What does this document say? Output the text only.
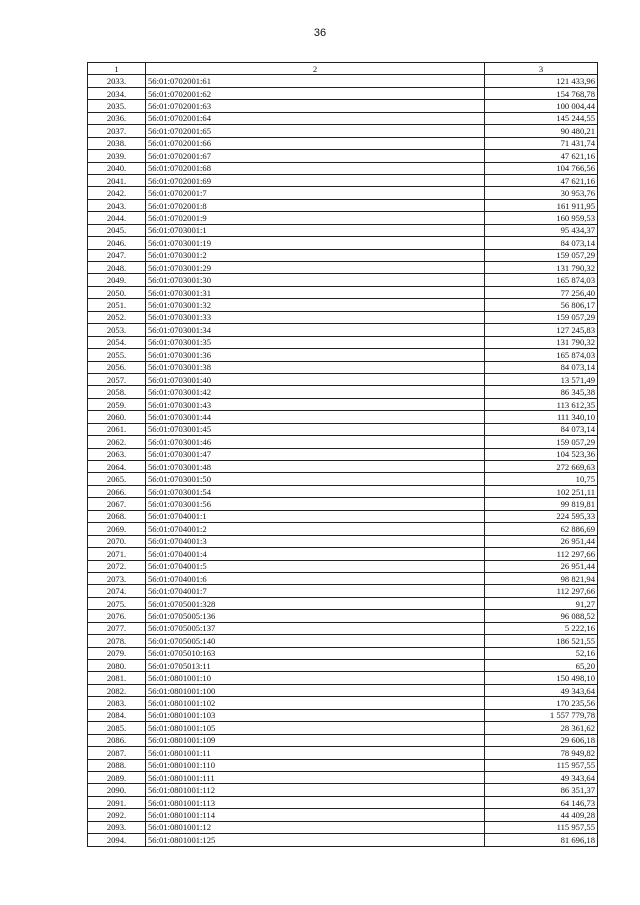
36
1	2	3
2033.	56:01:0702001:61	121 433,96
2034.	56:01:0702001:62	154 768,78
2035.	56:01:0702001:63	100 004,44
2036.	56:01:0702001:64	145 244,55
2037.	56:01:0702001:65	90 480,21
2038.	56:01:0702001:66	71 431,74
2039.	56:01:0702001:67	47 621,16
2040.	56:01:0702001:68	104 766,56
2041.	56:01:0702001:69	47 621,16
2042.	56:01:0702001:7	30 953,76
2043.	56:01:0702001:8	161 911,95
2044.	56:01:0702001:9	160 959,53
2045.	56:01:0703001:1	95 434,37
2046.	56:01:0703001:19	84 073,14
2047.	56:01:0703001:2	159 057,29
2048.	56:01:0703001:29	131 790,32
2049.	56:01:0703001:30	165 874,03
2050.	56:01:0703001:31	77 256,40
2051.	56:01:0703001:32	56 806,17
2052.	56:01:0703001:33	159 057,29
2053.	56:01:0703001:34	127 245,83
2054.	56:01:0703001:35	131 790,32
2055.	56:01:0703001:36	165 874,03
2056.	56:01:0703001:38	84 073,14
2057.	56:01:0703001:40	13 571,49
2058.	56:01:0703001:42	86 345,38
2059.	56:01:0703001:43	113 612,35
2060.	56:01:0703001:44	111 340,10
2061.	56:01:0703001:45	84 073,14
2062.	56:01:0703001:46	159 057,29
2063.	56:01:0703001:47	104 523,36
2064.	56:01:0703001:48	272 669,63
2065.	56:01:0703001:50	10,75
2066.	56:01:0703001:54	102 251,11
2067.	56:01:0703001:56	99 819,81
2068.	56:01:0704001:1	224 595,33
2069.	56:01:0704001:2	62 886,69
2070.	56:01:0704001:3	26 951,44
2071.	56:01:0704001:4	112 297,66
2072.	56:01:0704001:5	26 951,44
2073.	56:01:0704001:6	98 821,94
2074.	56:01:0704001:7	112 297,66
2075.	56:01:0705001:328	91,27
2076.	56:01:0705005:136	96 088,52
2077.	56:01:0705005:137	5 222,16
2078.	56:01:0705005:140	186 521,55
2079.	56:01:0705010:163	52,16
2080.	56:01:0705013:11	65,20
2081.	56:01:0801001:10	150 498,10
2082.	56:01:0801001:100	49 343,64
2083.	56:01:0801001:102	170 235,56
2084.	56:01:0801001:103	1 557 779,78
2085.	56:01:0801001:105	28 361,62
2086.	56:01:0801001:109	29 606,18
2087.	56:01:0801001:11	78 949,82
2088.	56:01:0801001:110	115 957,55
2089.	56:01:0801001:111	49 343,64
2090.	56:01:0801001:112	86 351,37
2091.	56:01:0801001:113	64 146,73
2092.	56:01:0801001:114	44 409,28
2093.	56:01:0801001:12	115 957,55
2094.	56:01:0801001:125	81 696,18
